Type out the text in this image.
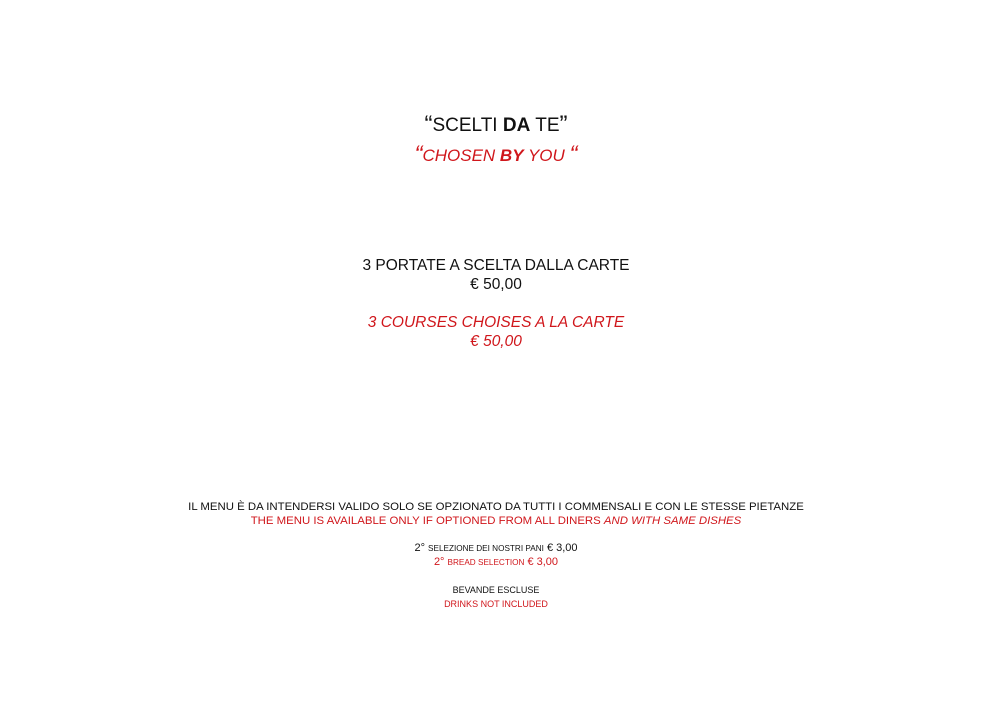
“SCELTI DA TE”
“CHOSEN BY YOU “
3 PORTATE A SCELTA DALLA CARTE
€ 50,00
3 COURSES CHOISES A LA CARTE
€ 50,00
IL MENU È DA INTENDERSI VALIDO SOLO SE OPZIONATO DA TUTTI I COMMENSALI E CON LE STESSE PIETANZE
THE MENU IS AVAILABLE ONLY IF OPTIONED FROM ALL DINERS AND WITH SAME DISHES
2° SELEZIONE DEI NOSTRI PANI € 3,00
2° BREAD SELECTION € 3,00
BEVANDE ESCLUSE
DRINKS NOT INCLUDED
